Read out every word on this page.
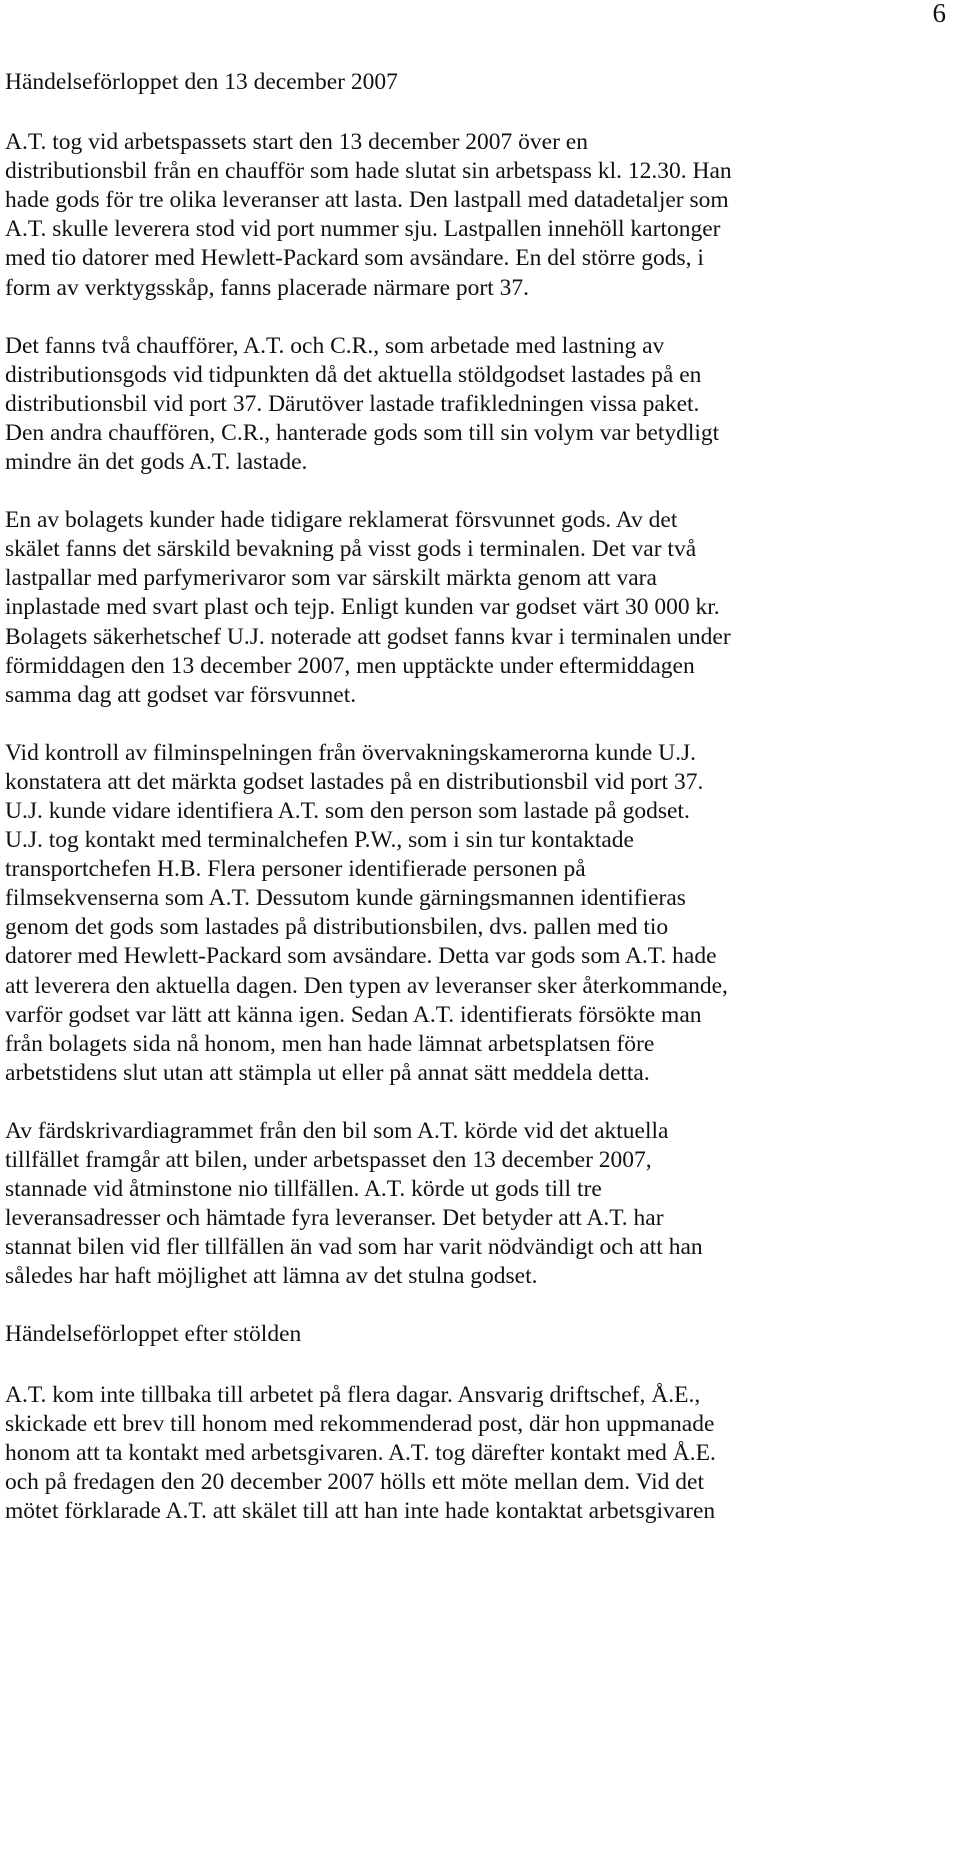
6
Händelseförloppet den 13 december 2007
A.T. tog vid arbetspassets start den 13 december 2007 över en
distributionsbil från en chaufför som hade slutat sin arbetspass kl. 12.30. Han
hade gods för tre olika leveranser att lasta. Den lastpall med datadetaljer som
A.T. skulle leverera stod vid port nummer sju. Lastpallen innehöll kartonger
med tio datorer med Hewlett-Packard som avsändare. En del större gods, i
form av verktygsskåp, fanns placerade närmare port 37.
Det fanns två chaufförer, A.T. och C.R., som arbetade med lastning av
distributionsgods vid tidpunkten då det aktuella stöldgodset lastades på en
distributionsbil vid port 37. Därutöver lastade trafikledningen vissa paket.
Den andra chauffören, C.R., hanterade gods som till sin volym var betydligt
mindre än det gods A.T. lastade.
En av bolagets kunder hade tidigare reklamerat försvunnet gods. Av det
skälet fanns det särskild bevakning på visst gods i terminalen. Det var två
lastpallar med parfymerivaror som var särskilt märkta genom att vara
inplastade med svart plast och tejp. Enligt kunden var godset värt 30 000 kr.
Bolagets säkerhetschef U.J. noterade att godset fanns kvar i terminalen under
förmiddagen den 13 december 2007, men upptäckte under eftermiddagen
samma dag att godset var försvunnet.
Vid kontroll av filminspelningen från övervakningskamerorna kunde U.J.
konstatera att det märkta godset lastades på en distributionsbil vid port 37.
U.J. kunde vidare identifiera A.T. som den person som lastade på godset.
U.J. tog kontakt med terminalchefen P.W., som i sin tur kontaktade
transportchefen H.B. Flera personer identifierade personen på
filmsekvenserna som A.T. Dessutom kunde gärningsmannen identifieras
genom det gods som lastades på distributionsbilen, dvs. pallen med tio
datorer med Hewlett-Packard som avsändare. Detta var gods som A.T. hade
att leverera den aktuella dagen. Den typen av leveranser sker återkommande,
varför godset var lätt att känna igen. Sedan A.T. identifierats försökte man
från bolagets sida nå honom, men han hade lämnat arbetsplatsen före
arbetstidens slut utan att stämpla ut eller på annat sätt meddela detta.
Av färdskrivardiagrammet från den bil som A.T. körde vid det aktuella
tillfället framgår att bilen, under arbetspasset den 13 december 2007,
stannade vid åtminstone nio tillfällen. A.T. körde ut gods till tre
leveransadresser och hämtade fyra leveranser. Det betyder att A.T. har
stannat bilen vid fler tillfällen än vad som har varit nödvändigt och att han
således har haft möjlighet att lämna av det stulna godset.
Händelseförloppet efter stölden
A.T. kom inte tillbaka till arbetet på flera dagar. Ansvarig driftschef, Å.E.,
skickade ett brev till honom med rekommenderad post, där hon uppmanade
honom att ta kontakt med arbetsgivaren. A.T. tog därefter kontakt med Å.E.
och på fredagen den 20 december 2007 hölls ett möte mellan dem. Vid det
mötet förklarade A.T. att skälet till att han inte hade kontaktat arbetsgivaren
